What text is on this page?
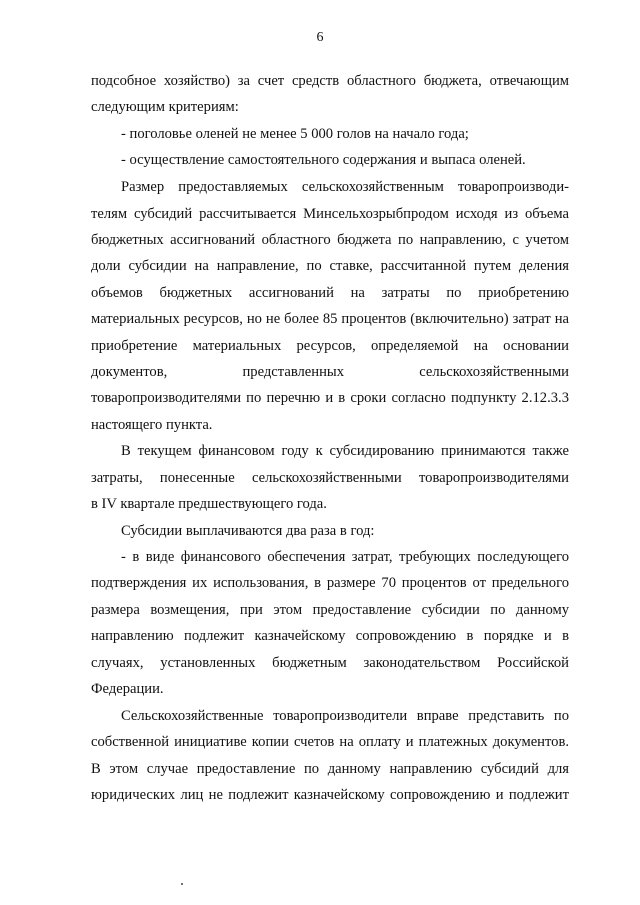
6
подсобное хозяйство) за счет средств областного бюджета, отвечающим
следующим критериям:
- поголовье оленей не менее 5 000 голов на начало года;
- осуществление самостоятельного содержания и выпаса оленей.
Размер предоставляемых сельскохозяйственным товаропроизводи-
телям субсидий рассчитывается Минсельхозрыбпродом исходя из объема
бюджетных ассигнований областного бюджета по направлению, с учетом
доли субсидии на направление, по ставке, рассчитанной путем деления
объемов бюджетных ассигнований на затраты по приобретению
материальных ресурсов, но не более 85 процентов (включительно) затрат на
приобретение материальных ресурсов, определяемой на основании
документов, представленных сельскохозяйственными
товаропроизводителями по перечню и в сроки согласно подпункту 2.12.3.3
настоящего пункта.
В текущем финансовом году к субсидированию принимаются также
затраты, понесенные сельскохозяйственными товаропроизводителями
в IV квартале предшествующего года.
Субсидии выплачиваются два раза в год:
- в виде финансового обеспечения затрат, требующих последующего
подтверждения их использования, в размере 70 процентов от предельного
размера возмещения, при этом предоставление субсидии по данному
направлению подлежит казначейскому сопровождению в порядке и в
случаях, установленных бюджетным законодательством Российской
Федерации.
Сельскохозяйственные товаропроизводители вправе представить по
собственной инициативе копии счетов на оплату и платежных документов.
В этом случае предоставление по данному направлению субсидий для
юридических лиц не подлежит казначейскому сопровождению и подлежит
